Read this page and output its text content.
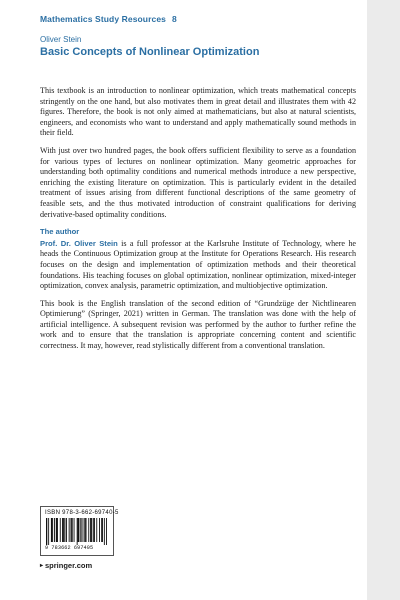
Mathematics Study Resources 8
Oliver Stein
Basic Concepts of Nonlinear Optimization

This textbook is an introduction to nonlinear optimization, which treats mathematical concepts stringently on the one hand, but also motivates them in great detail and illustrates them with 42 figures. Therefore, the book is not only aimed at mathematicians, but also at natural scientists, engineers, and economists who want to understand and apply mathematically sound methods in their field.

With just over two hundred pages, the book offers sufficient flexibility to serve as a foundation for various types of lectures on nonlinear optimization. Many geometric approaches for understanding both optimality conditions and numerical methods introduce a new perspective, enriching the existing literature on optimization. This is particularly evident in the detailed treatment of issues arising from different functional descriptions of the same geometry of feasible sets, and the thus motivated introduction of constraint qualifications for deriving derivative-based optimality conditions.

The author

Prof. Dr. Oliver Stein is a full professor at the Karlsruhe Institute of Technology, where he heads the Continuous Optimization group at the Institute for Operations Research. His research focuses on the design and implementation of optimization methods and their theoretical foundations. His teaching focuses on global optimization, nonlinear optimization, mixed-integer optimization, convex analysis, parametric optimization, and multiobjective optimization.

This book is the English translation of the second edition of “Grundzüge der Nichtlinearen Optimierung” (Springer, 2021) written in German. The translation was done with the help of artificial intelligence. A subsequent revision was performed by the author to further refine the work and to ensure that the translation is appropriate concerning content and scientific correctness. It may, however, read stylistically different from a conventional translation.

ISBN 978-3-662-69740-5
9 783662 697405
▸ springer.com
